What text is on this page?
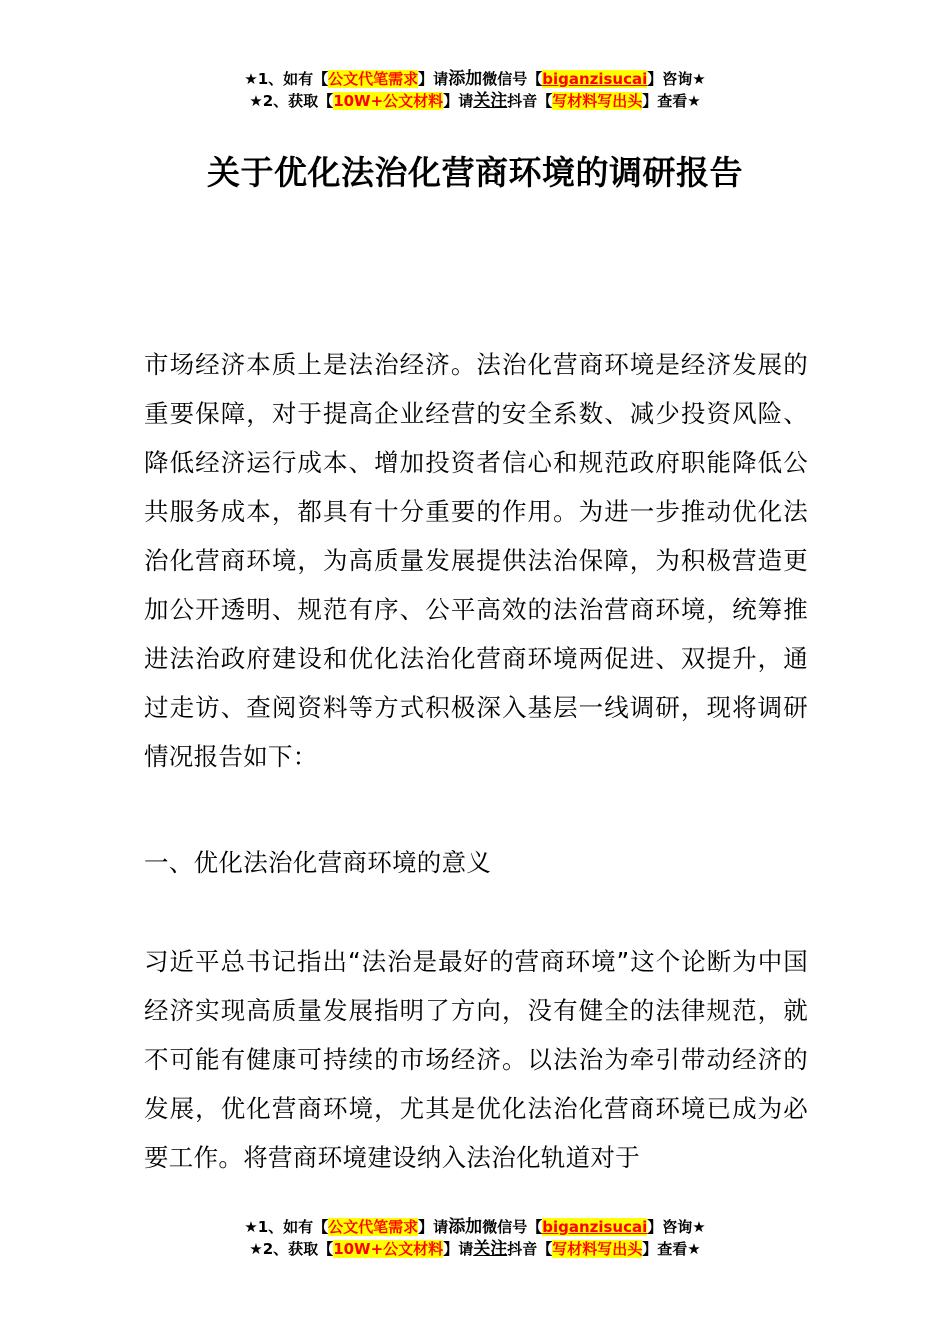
★1、如有【公文代笔需求】请添加微信号【biganzisucai】咨询★
★2、获取【10W+公文材料】请关注抖音【写材料写出头】查看★
关于优化法治化营商环境的调研报告

市场经济本质上是法治经济。法治化营商环境是经济发展的重要保障，对于提高企业经营的安全系数、减少投资风险、降低经济运行成本、增加投资者信心和规范政府职能降低公共服务成本，都具有十分重要的作用。为进一步推动优化法治化营商环境，为高质量发展提供法治保障，为积极营造更加公开透明、规范有序、公平高效的法治营商环境，统筹推进法治政府建设和优化法治化营商环境两促进、双提升，通过走访、查阅资料等方式积极深入基层一线调研，现将调研情况报告如下：

一、优化法治化营商环境的意义

习近平总书记指出“法治是最好的营商环境”这个论断为中国经济实现高质量发展指明了方向，没有健全的法律规范，就不可能有健康可持续的市场经济。以法治为牵引带动经济的发展，优化营商环境，尤其是优化法治化营商环境已成为必要工作。将营商环境建设纳入法治化轨道对于

★1、如有【公文代笔需求】请添加微信号【biganzisucai】咨询★
★2、获取【10W+公文材料】请关注抖音【写材料写出头】查看★
